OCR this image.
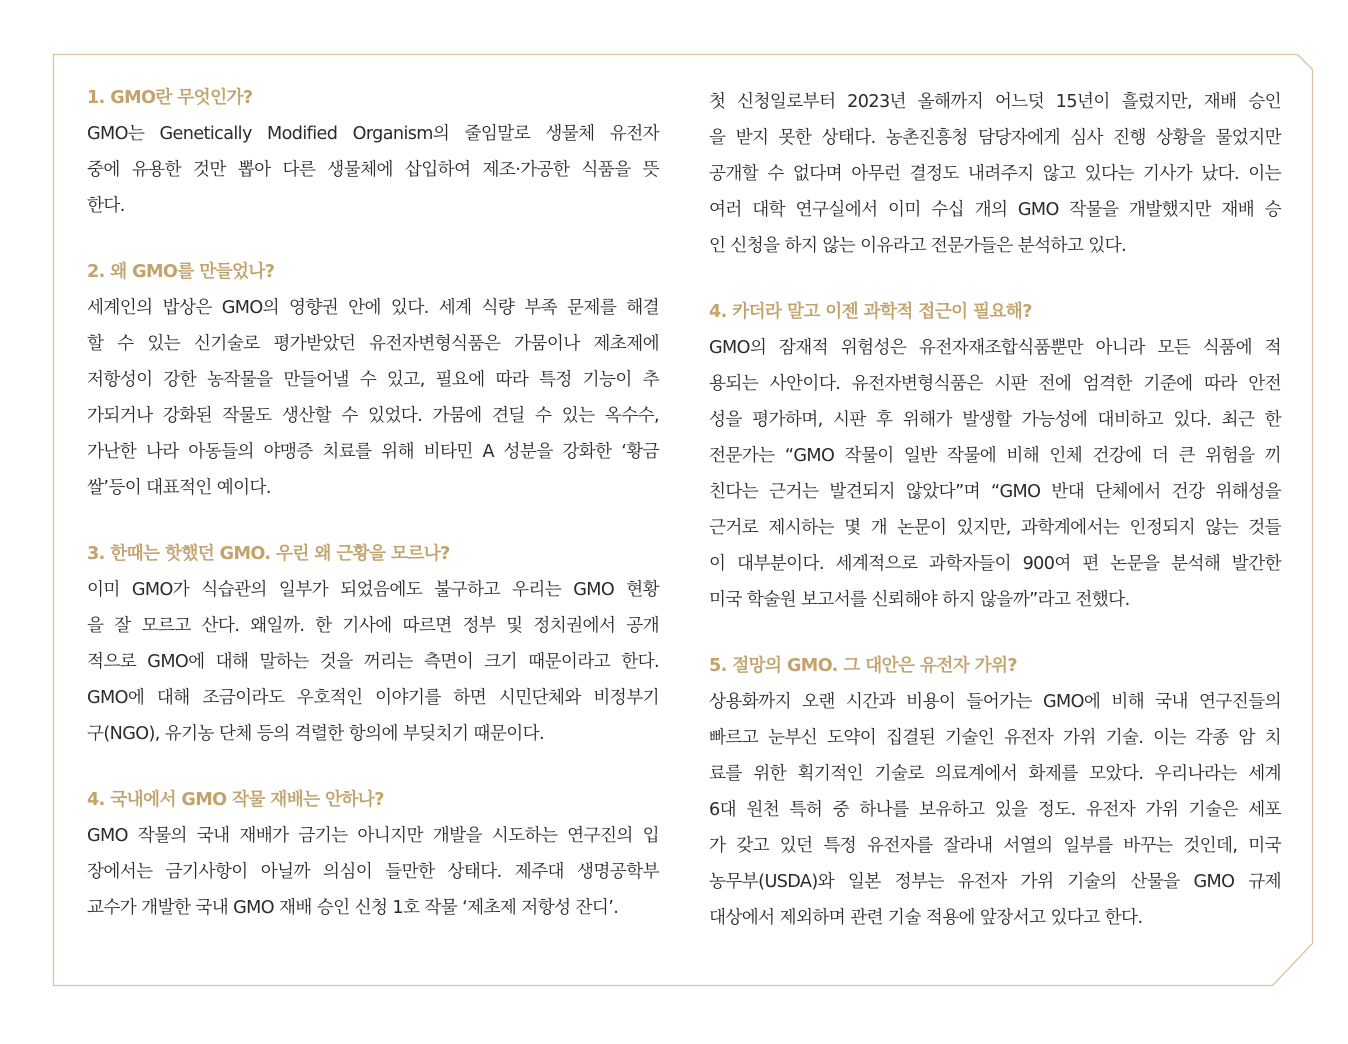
1. GMO란 무엇인가?
GMO는 Genetically Modified Organism의 줄임말로 생물체 유전자
중에 유용한 것만 뽑아 다른 생물체에 삽입하여 제조·가공한 식품을 뜻
한다.
2. 왜 GMO를 만들었나?
세계인의 밥상은 GMO의 영향권 안에 있다. 세계 식량 부족 문제를 해결
할 수 있는 신기술로 평가받았던 유전자변형식품은 가뭄이나 제초제에
저항성이 강한 농작물을 만들어낼 수 있고, 필요에 따라 특정 기능이 추
가되거나 강화된 작물도 생산할 수 있었다. 가뭄에 견딜 수 있는 옥수수,
가난한 나라 아동들의 야맹증 치료를 위해 비타민 A 성분을 강화한 ‘황금
쌀’등이 대표적인 예이다.
3. 한때는 핫했던 GMO. 우린 왜 근황을 모르나?
이미 GMO가 식습관의 일부가 되었음에도 불구하고 우리는 GMO 현황
을 잘 모르고 산다. 왜일까. 한 기사에 따르면 정부 및 정치권에서 공개
적으로 GMO에 대해 말하는 것을 꺼리는 측면이 크기 때문이라고 한다.
GMO에 대해 조금이라도 우호적인 이야기를 하면 시민단체와 비정부기
구(NGO), 유기농 단체 등의 격렬한 항의에 부딪치기 때문이다.
4. 국내에서 GMO 작물 재배는 안하나?
GMO 작물의 국내 재배가 금기는 아니지만 개발을 시도하는 연구진의 입
장에서는 금기사항이 아닐까 의심이 들만한 상태다. 제주대 생명공학부
교수가 개발한 국내 GMO 재배 승인 신청 1호 작물 ‘제초제 저항성 잔디’.
첫 신청일로부터 2023년 올해까지 어느덧 15년이 흘렀지만, 재배 승인
을 받지 못한 상태다. 농촌진흥청 담당자에게 심사 진행 상황을 물었지만
공개할 수 없다며 아무런 결정도 내려주지 않고 있다는 기사가 났다. 이는
여러 대학 연구실에서 이미 수십 개의 GMO 작물을 개발했지만 재배 승
인 신청을 하지 않는 이유라고 전문가들은 분석하고 있다.
4. 카더라 말고 이젠 과학적 접근이 필요해?
GMO의 잠재적 위험성은 유전자재조합식품뿐만 아니라 모든 식품에 적
용되는 사안이다. 유전자변형식품은 시판 전에 엄격한 기준에 따라 안전
성을 평가하며, 시판 후 위해가 발생할 가능성에 대비하고 있다. 최근 한
전문가는 “GMO 작물이 일반 작물에 비해 인체 건강에 더 큰 위험을 끼
친다는 근거는 발견되지 않았다”며 “GMO 반대 단체에서 건강 위해성을
근거로 제시하는 몇 개 논문이 있지만, 과학계에서는 인정되지 않는 것들
이 대부분이다. 세계적으로 과학자들이 900여 편 논문을 분석해 발간한
미국 학술원 보고서를 신뢰해야 하지 않을까”라고 전했다.
5. 절망의 GMO. 그 대안은 유전자 가위?
상용화까지 오랜 시간과 비용이 들어가는 GMO에 비해 국내 연구진들의
빠르고 눈부신 도약이 집결된 기술인 유전자 가위 기술. 이는 각종 암 치
료를 위한 획기적인 기술로 의료계에서 화제를 모았다. 우리나라는 세계
6대 원천 특허 중 하나를 보유하고 있을 정도. 유전자 가위 기술은 세포
가 갖고 있던 특정 유전자를 잘라내 서열의 일부를 바꾸는 것인데, 미국
농무부(USDA)와 일본 정부는 유전자 가위 기술의 산물을 GMO 규제
대상에서 제외하며 관련 기술 적용에 앞장서고 있다고 한다.
